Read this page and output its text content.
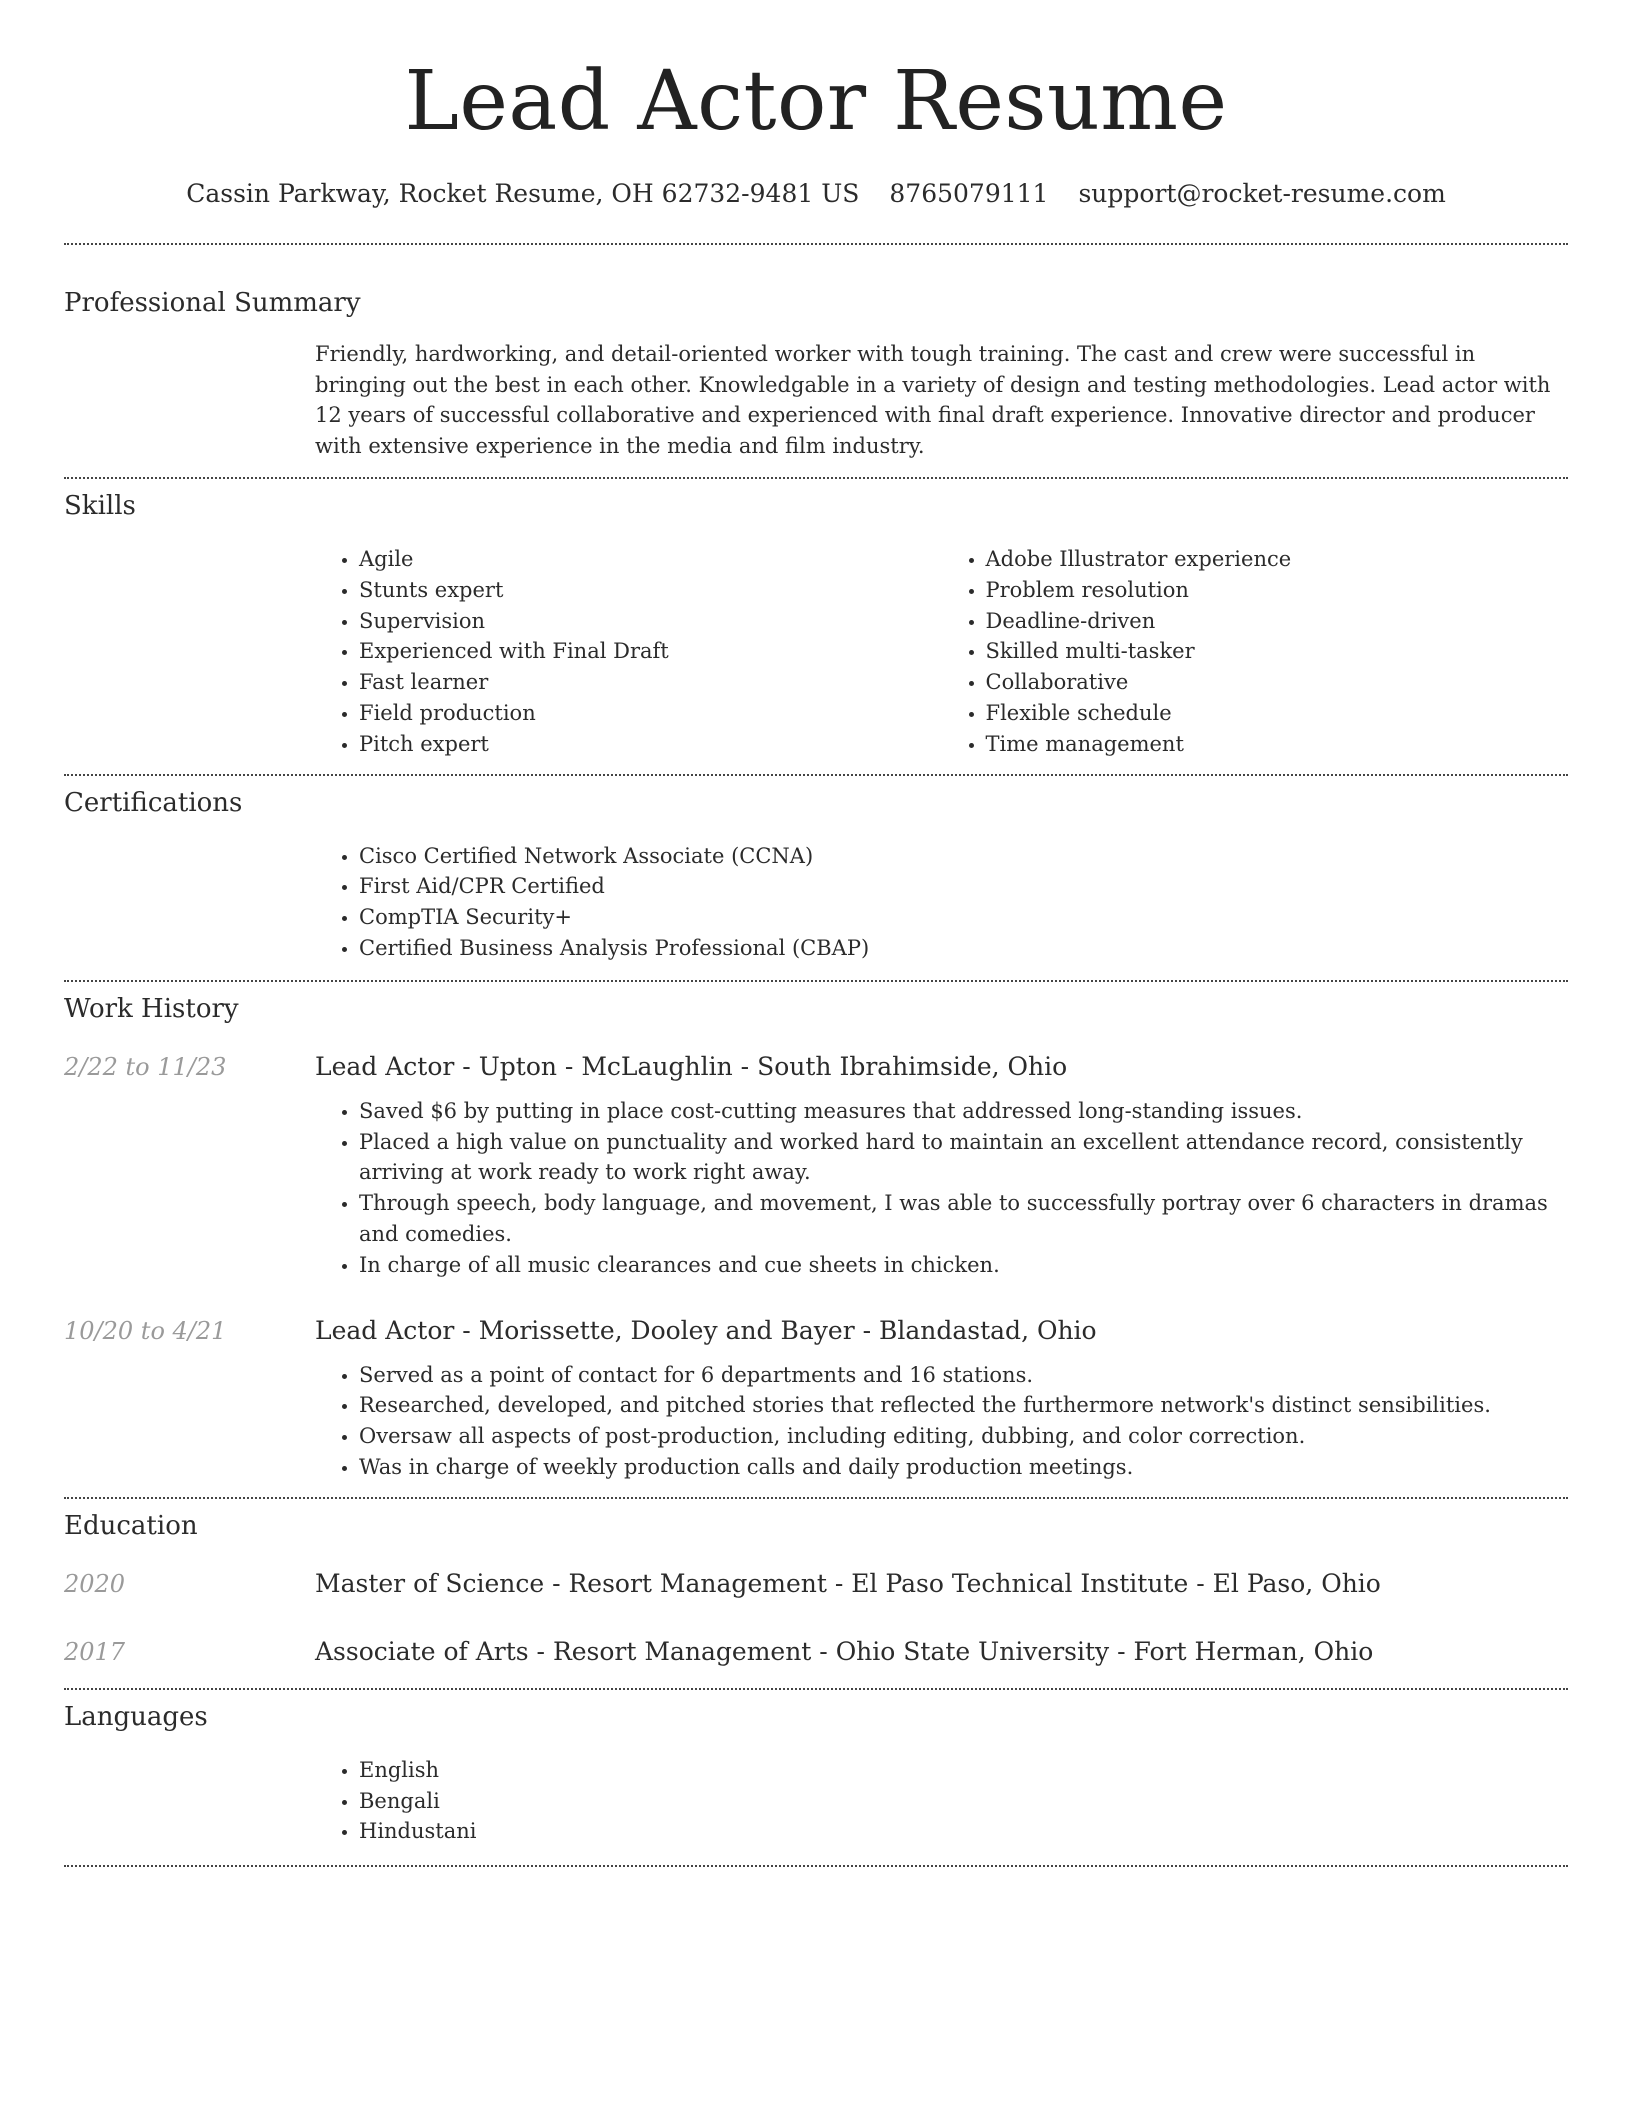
Lead Actor Resume
Cassin Parkway, Rocket Resume, OH 62732-9481 US 8765079111 support@rocket-resume.com
Professional Summary

Friendly, hardworking, and detail-oriented worker with tough training. The cast and crew were successful in bringing out the best in each other. Knowledgable in a variety of design and testing methodologies. Lead actor with 12 years of successful collaborative and experienced with final draft experience. Innovative director and producer with extensive experience in the media and film industry.

Skills
• Agile
• Stunts expert
• Supervision
• Experienced with Final Draft
• Fast learner
• Field production
• Pitch expert
• Adobe Illustrator experience
• Problem resolution
• Deadline-driven
• Skilled multi-tasker
• Collaborative
• Flexible schedule
• Time management
Certifications
• Cisco Certified Network Associate (CCNA)
• First Aid/CPR Certified
• CompTIA Security+
• Certified Business Analysis Professional (CBAP)
Work History
2/22 to 11/23	Lead Actor - Upton - McLaughlin - South Ibrahimside, Ohio
• Saved $6 by putting in place cost-cutting measures that addressed long-standing issues.
• Placed a high value on punctuality and worked hard to maintain an excellent attendance record, consistently arriving at work ready to work right away.
• Through speech, body language, and movement, I was able to successfully portray over 6 characters in dramas and comedies.
• In charge of all music clearances and cue sheets in chicken.
10/20 to 4/21	Lead Actor - Morissette, Dooley and Bayer - Blandastad, Ohio
• Served as a point of contact for 6 departments and 16 stations.
• Researched, developed, and pitched stories that reflected the furthermore network's distinct sensibilities.
• Oversaw all aspects of post-production, including editing, dubbing, and color correction.
• Was in charge of weekly production calls and daily production meetings.
Education
2020	Master of Science - Resort Management - El Paso Technical Institute - El Paso, Ohio
2017	Associate of Arts - Resort Management - Ohio State University - Fort Herman, Ohio
Languages
• English
• Bengali
• Hindustani
